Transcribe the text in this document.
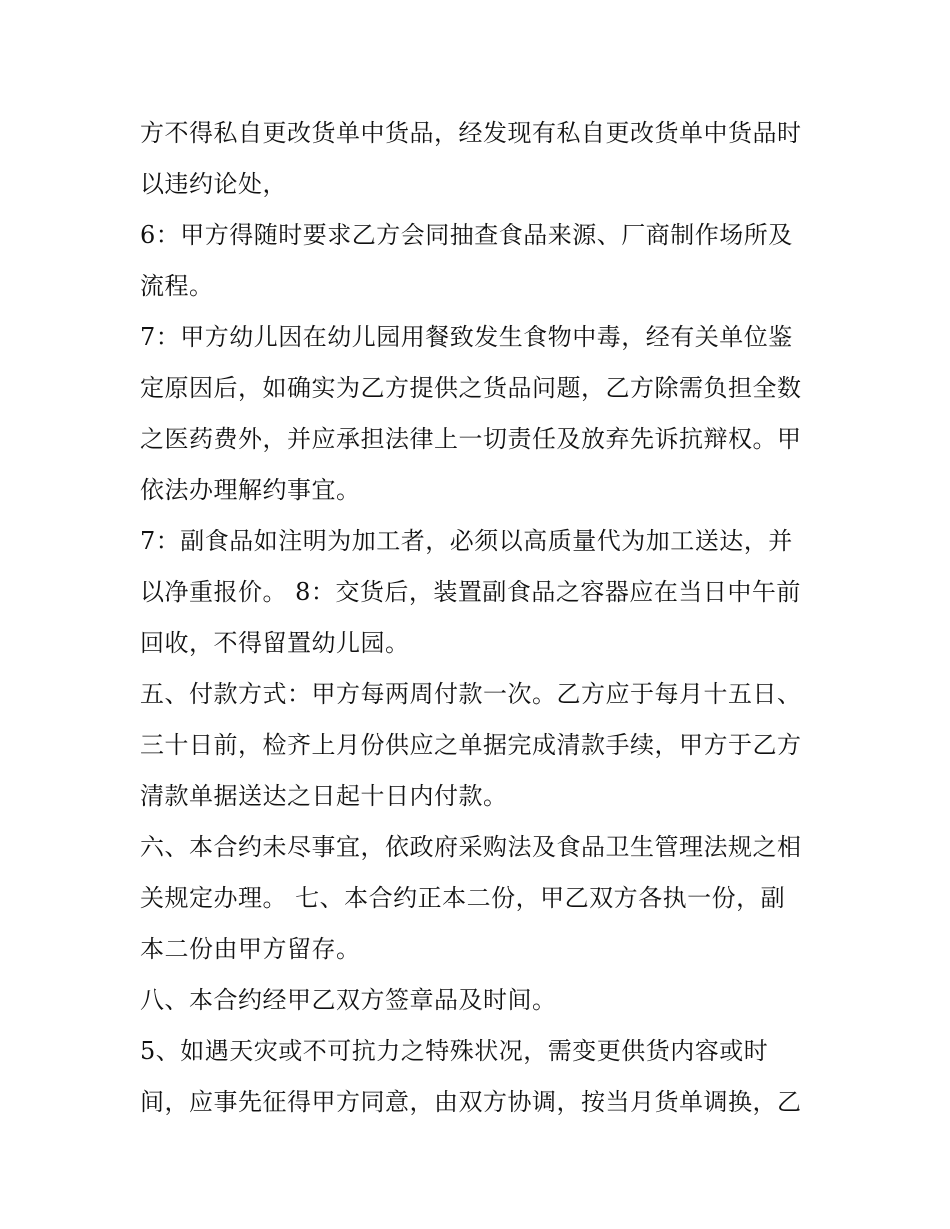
方不得私自更改货单中货品，经发现有私自更改货单中货品时
以违约论处，
6：甲方得随时要求乙方会同抽查食品来源、厂商制作场所及
流程。
7：甲方幼儿因在幼儿园用餐致发生食物中毒，经有关单位鉴
定原因后，如确实为乙方提供之货品问题，乙方除需负担全数
之医药费外，并应承担法律上一切责任及放弃先诉抗辩权。甲
依法办理解约事宜。
7：副食品如注明为加工者，必须以高质量代为加工送达，并
以净重报价。 8：交货后，装置副食品之容器应在当日中午前
回收，不得留置幼儿园。
五、付款方式：甲方每两周付款一次。乙方应于每月十五日、
三十日前，检齐上月份供应之单据完成清款手续，甲方于乙方
清款单据送达之日起十日内付款。
六、本合约未尽事宜，依政府采购法及食品卫生管理法规之相
关规定办理。 七、本合约正本二份，甲乙双方各执一份，副
本二份由甲方留存。
八、本合约经甲乙双方签章品及时间。
5、如遇天灾或不可抗力之特殊状况，需变更供货内容或时
间，应事先征得甲方同意，由双方协调，按当月货单调换，乙
